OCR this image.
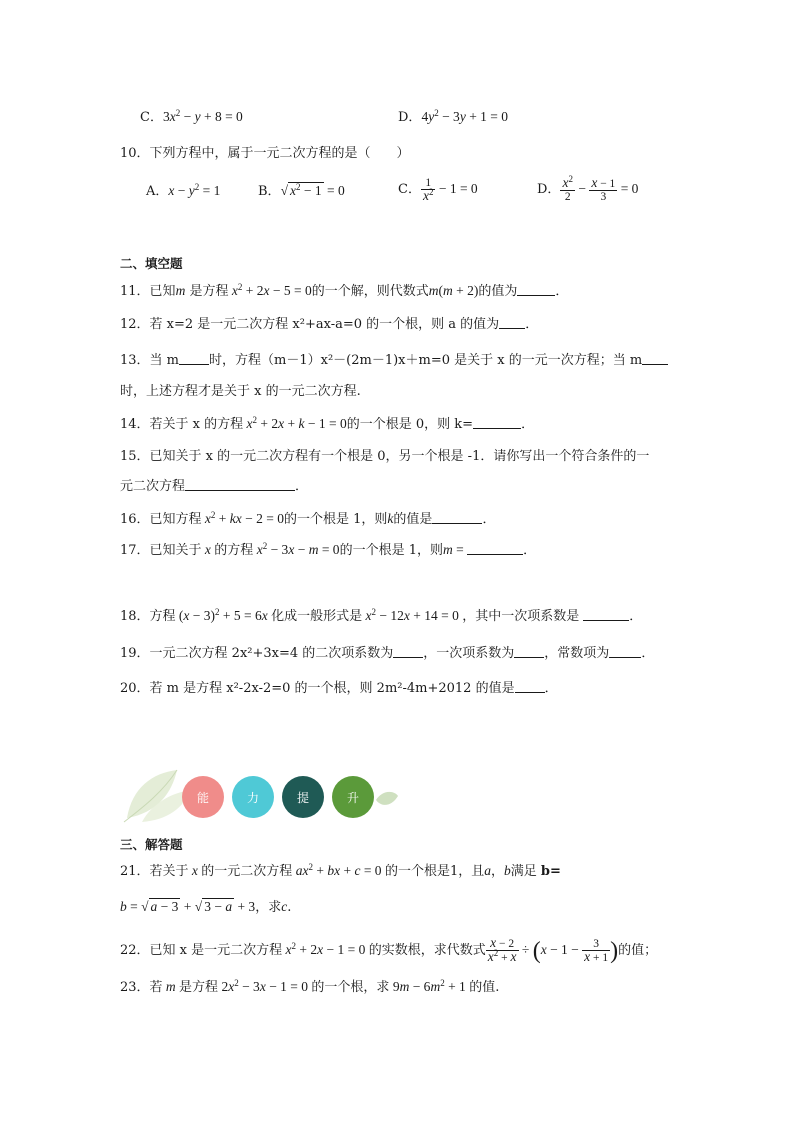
C．$3x^2 - y + 8 = 0$	D．$4y^2 - 3y + 1 = 0$
10．下列方程中，属于一元二次方程的是（　　）
A．$x - y^2 = 1$	B．√ $x^2 - 1 = 0$	C． $\frac{1}{x^2} - 1 = 0$	D． $\frac{x^2}{2} - \frac{x - 1}{3} = 0$
二、填空题
11．已知m 是方程 $x^2 + 2x - 5 = 0$的一个解，则代数式m(m + 2)的值为	．
12．若 x=2 是一元二次方程 x²+ax-a=0 的一个根，则 a 的值为 ．
13．当 m 时，方程（m－1）x²－(2m－1)x＋m=0 是关于 x 的一元一次方程；当 m
时，上述方程才是关于 x 的一元二次方程.
14．若关于 x 的方程 $x^2 + 2x + k - 1 = 0$的一个根是 0，则 k=	．
15．已知关于 x 的一元二次方程有一个根是 0，另一个根是 -1．请你写出一个符合条件的一
元二次方程	．
16．已知方程 $x^2$ + kx − 2 = 0的一个根是 1，则k的值是	．
17．已知关于 x 的方程 $x^2 - 3x - m = 0$的一个根是 1，则m =	．
18．方程 $(x - 3)^2 + 5 = 6x$ 化成一般形式是 $x^2 - 12x + 14 = 0$ ，其中一次项系数是	．
19．一元二次方程 2x²+3x=4 的二次项系数为 ，一次项系数为 ，常数项为 ．
20．若 m 是方程 x²-2x-2=0 的一个根，则 2m²-4m+2012 的值是 ．
能	力	提	升
三、解答题
21．若关于 x 的一元二次方程 $ax^2$ + bx + c = 0 的一个根是1，且a，b满足 b=
b = √ a − 3 + √ 3 − a + 3，求c.
22．已知 x 是一元二次方程 $x^2 + 2x - 1 = 0$ 的实数根，求代数式 $\frac{x - 2}{x^2 + x} \div (x - 1 - \frac{3}{x + 1}$ )的值；
23．若 m 是方程 $2x^2 - 3x - 1 = 0$ 的一个根，求 $9m - 6m^2 + 1$ 的值.
